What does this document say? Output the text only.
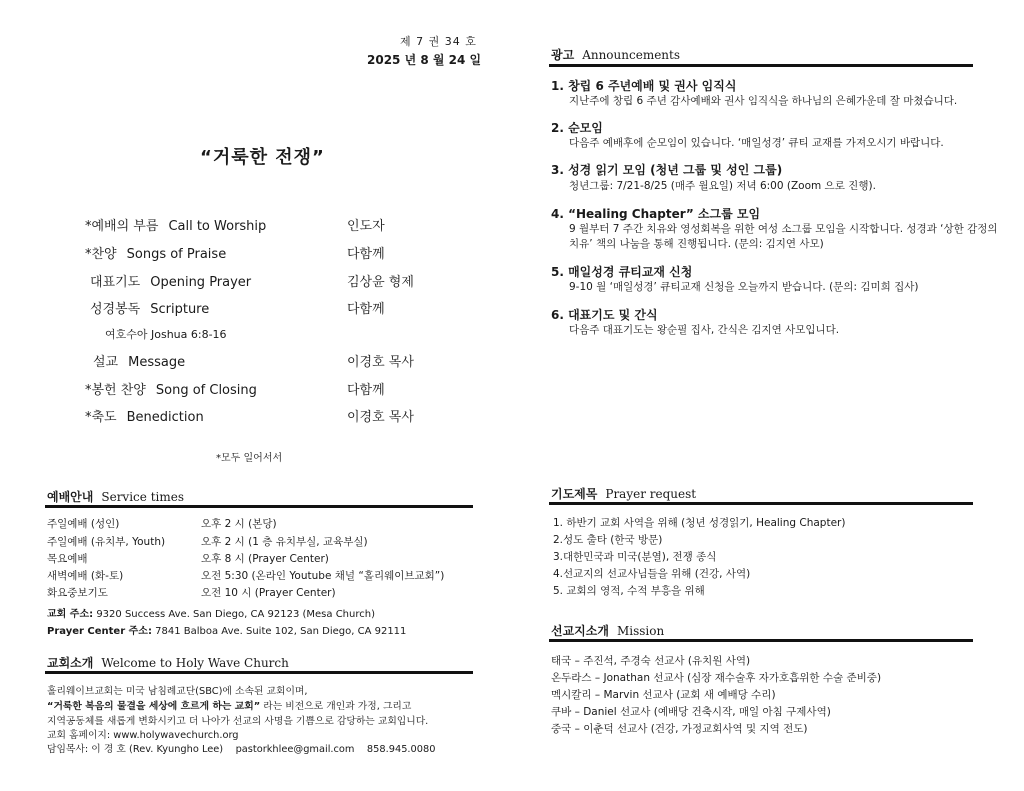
제 7 권 34 호
2025 년 8 월 24 일
“거룩한 전쟁”
*예배의 부름 Call to Worship	인도자
*찬양 Songs of Praise	다함께
대표기도 Opening Prayer	김상윤 형제
성경봉독 Scripture	다함께
여호수아 Joshua 6:8-16
설교 Message	이경호 목사
*봉헌 찬양 Song of Closing	다함께
*축도 Benediction	이경호 목사
*모두 일어서서
예배안내 Service times
주일예배 (성인)	오후 2 시 (본당)
주일예배 (유치부, Youth)	오후 2 시 (1 층 유치부실, 교육부실)
목요예배	오후 8 시 (Prayer Center)
새벽예배 (화-토)	오전 5:30 (온라인 Youtube 채널 “홀리웨이브교회”)
화요중보기도	오전 10 시 (Prayer Center)
교회 주소: 9320 Success Ave. San Diego, CA 92123 (Mesa Church)
Prayer Center 주소: 7841 Balboa Ave. Suite 102, San Diego, CA 92111
교회소개 Welcome to Holy Wave Church
홀리웨이브교회는 미국 남침례교단(SBC)에 소속된 교회이며,
“거룩한 복음의 물결을 세상에 흐르게 하는 교회” 라는 비전으로 개인과 가정, 그리고
지역공동체를 새롭게 변화시키고 더 나아가 선교의 사명을 기쁨으로 감당하는 교회입니다.
교회 홈페이지: www.holywavechurch.org
담임목사: 이 경 호 (Rev. Kyungho Lee)    pastorkhlee@gmail.com    858.945.0080
광고 Announcements
1. 창립 6 주년예배 및 권사 임직식
지난주에 창립 6 주년 감사예배와 권사 임직식을 하나님의 은혜가운데 잘 마쳤습니다.
2. 순모임
다음주 예배후에 순모임이 있습니다. ‘매일성경’ 큐티 교재를 가져오시기 바랍니다.
3. 성경 읽기 모임 (청년 그룹 및 성인 그룹)
청년그룹: 7/21-8/25 (매주 월요일) 저녁 6:00 (Zoom 으로 진행).
4. “Healing Chapter” 소그룹 모임
9 월부터 7 주간 치유와 영성회복을 위한 여성 소그룹 모임을 시작합니다. 성경과 ‘상한 감정의
치유’ 책의 나눔을 통해 진행됩니다. (문의: 김지연 사모)
5. 매일성경 큐티교재 신청
9-10 월 ‘매일성경’ 큐티교재 신청을 오늘까지 받습니다. (문의: 김미희 집사)
6. 대표기도 및 간식
다음주 대표기도는 왕순필 집사, 간식은 김지연 사모입니다.
기도제목 Prayer request
1. 하반기 교회 사역을 위해 (청년 성경읽기, Healing Chapter)
2.성도 출타 (한국 방문)
3.대한민국과 미국(분열), 전쟁 종식
4.선교지의 선교사님들을 위해 (건강, 사역)
5. 교회의 영적, 수적 부흥을 위해
선교지소개 Mission
태국 – 주진석, 주경숙 선교사 (유치원 사역)
온두라스 – Jonathan 선교사 (심장 재수술후 자가호흡위한 수술 준비중)
멕시칼리 – Marvin 선교사 (교회 새 예배당 수리)
쿠바 – Daniel 선교사 (예배당 건축시작, 매일 아침 구제사역)
중국 – 이춘덕 선교사 (건강, 가정교회사역 및 지역 전도)
